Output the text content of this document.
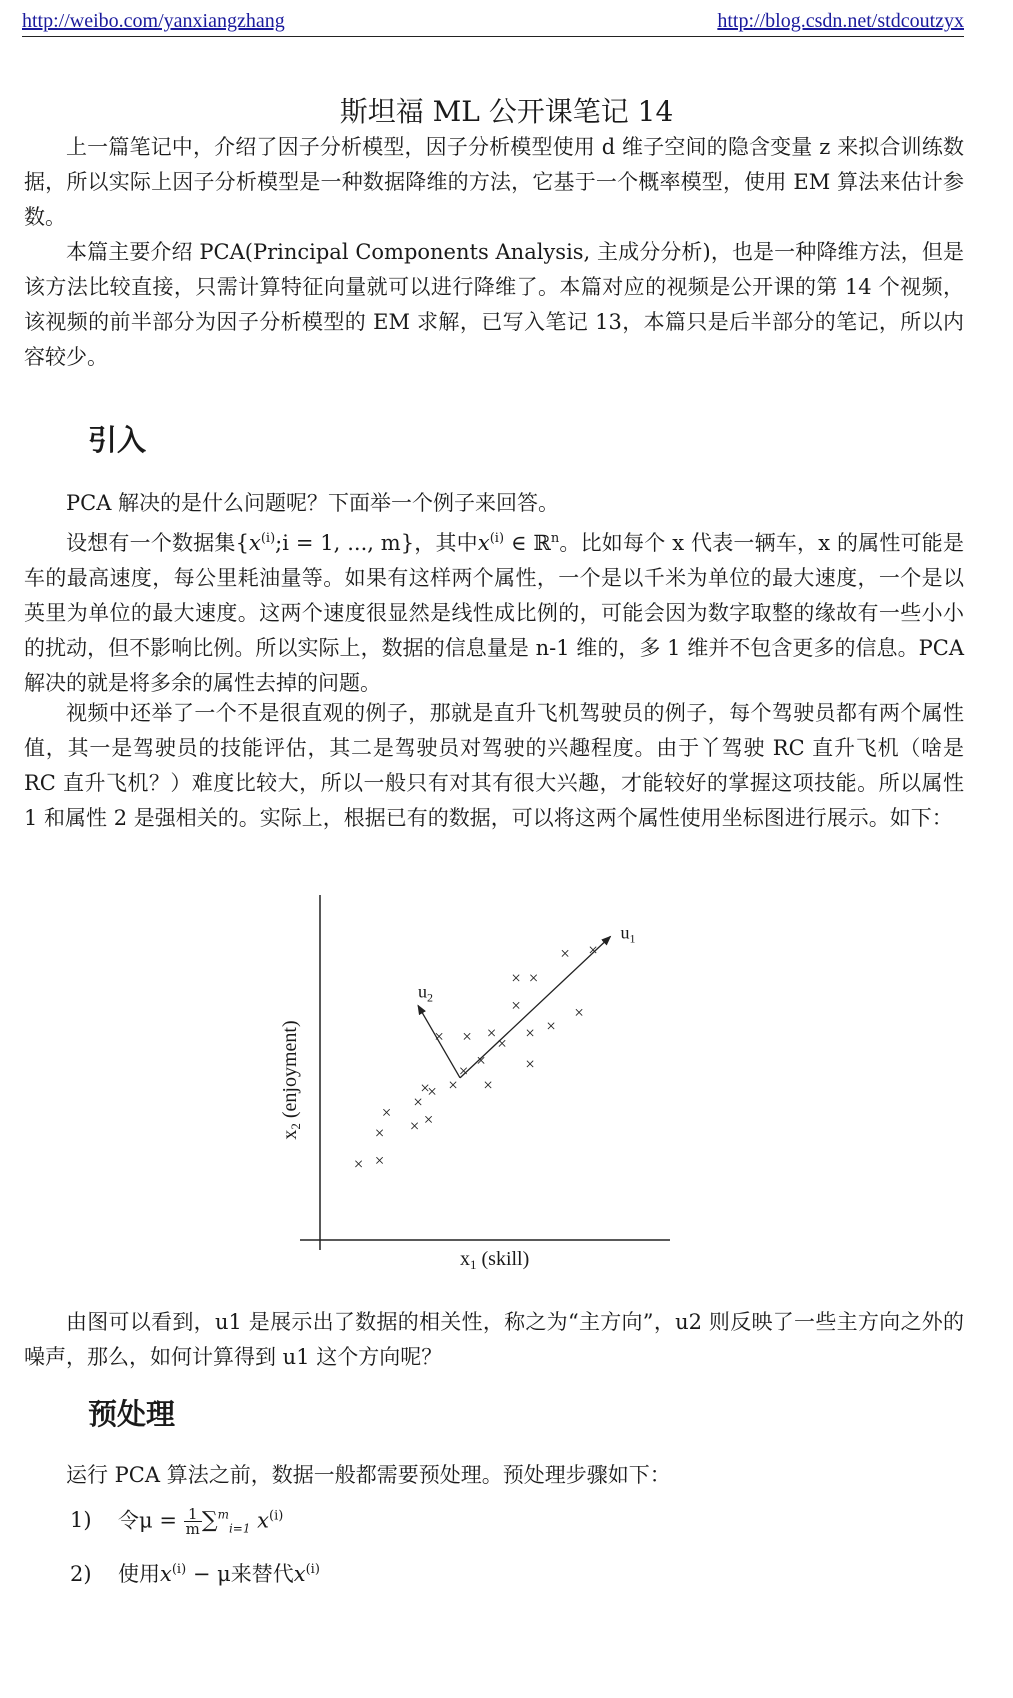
http://weibo.com/yanxiangzhang	http://blog.csdn.net/stdcoutzyx
斯坦福 ML 公开课笔记 14

上一篇笔记中，介绍了因子分析模型，因子分析模型使用 d 维子空间的隐含变量 z 来拟合训练数据，所以实际上因子分析模型是一种数据降维的方法，它基于一个概率模型，使用 EM 算法来估计参数。

本篇主要介绍 PCA(Principal Components Analysis, 主成分分析)，也是一种降维方法，但是该方法比较直接，只需计算特征向量就可以进行降维了。本篇对应的视频是公开课的第 14 个视频，该视频的前半部分为因子分析模型的 EM 求解，已写入笔记 13，本篇只是后半部分的笔记，所以内容较少。

引入

PCA 解决的是什么问题呢？下面举一个例子来回答。

设想有一个数据集{$x^{(i)};i = 1$, ..., m}，其中$x^{(i)}$ ∈ ℝ$^n$。比如每个 x 代表一辆车，x 的属性可能是车的最高速度，每公里耗油量等。如果有这样两个属性，一个是以千米为单位的最大速度，一个是以英里为单位的最大速度。这两个速度很显然是线性成比例的，可能会因为数字取整的缘故有一些小小的扰动，但不影响比例。所以实际上，数据的信息量是 n-1 维的，多 1 维并不包含更多的信息。PCA 解决的就是将多余的属性去掉的问题。

视频中还举了一个不是很直观的例子，那就是直升飞机驾驶员的例子，每个驾驶员都有两个属性值，其一是驾驶员的技能评估，其二是驾驶员对驾驶的兴趣程度。由于丫驾驶 RC 直升飞机（啥是 RC 直升飞机？）难度比较大，所以一般只有对其有很大兴趣，才能较好的掌握这项技能。所以属性 1 和属性 2 是强相关的。实际上，根据已有的数据，可以将这两个属性使用坐标图进行展示。如下：

× ×
×
×
×
×
×
×
×
×
×
×
×
×
×
×
×
×
×
×
×
×
×
×
×
×
$u_1$
$u_2$
$x_1$ (skill)
$x_2$ (enjoyment)

由图可以看到，u1 是展示出了数据的相关性，称之为“主方向”，u2 则反映了一些主方向之外的噪声，那么，如何计算得到 u1 这个方向呢？

预处理

运行 PCA 算法之前，数据一般都需要预处理。预处理步骤如下：

1) 令$\mu = \frac{1}{m} \sum^m_{i=1}$ $x^{(i)}$
2) 使用$x^{(i)} - \mu$来替代$x^{(i)}$
